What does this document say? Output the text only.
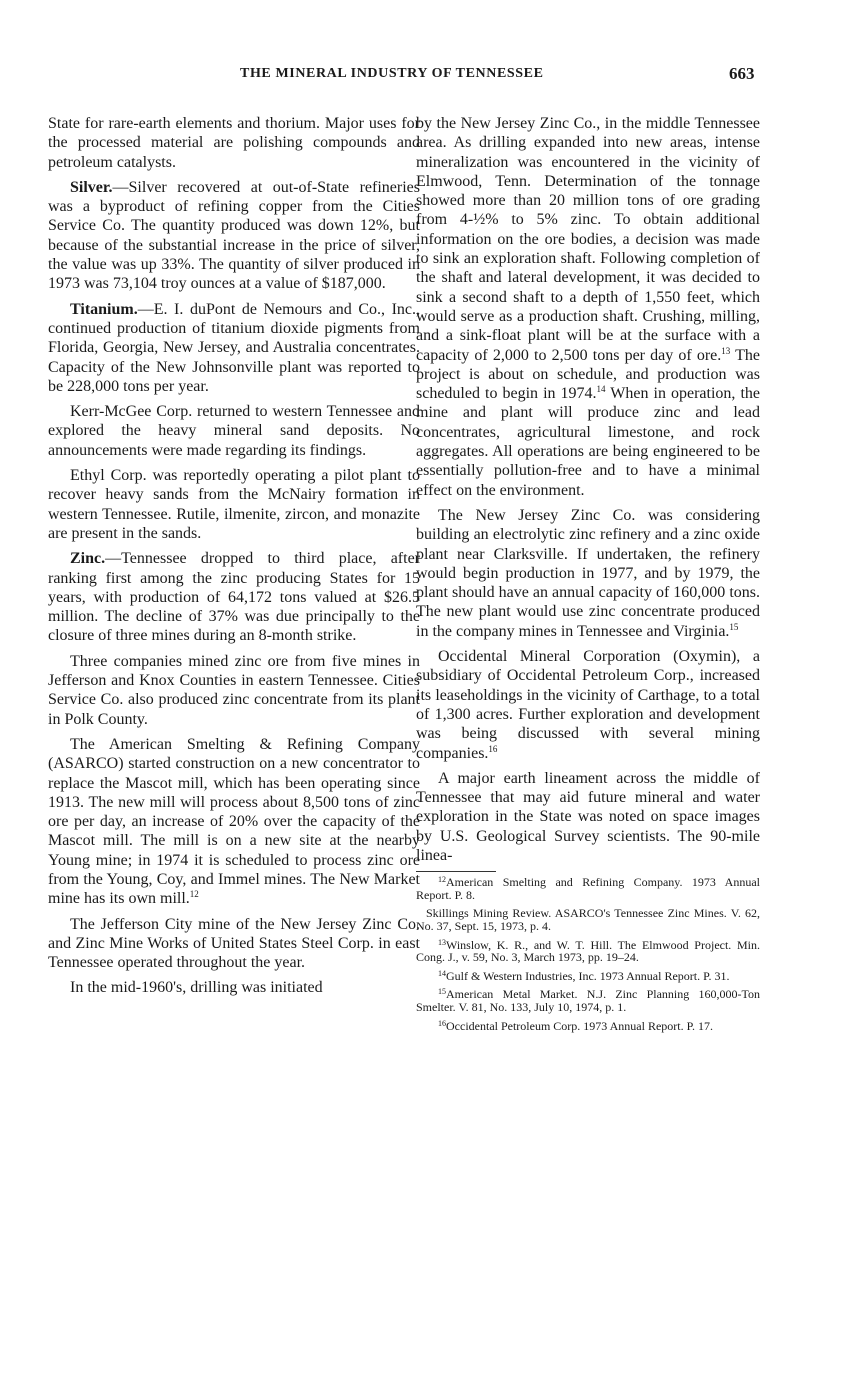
THE MINERAL INDUSTRY OF TENNESSEE	663

State for rare-earth elements and thorium. Major uses for the processed material are polishing compounds and petroleum catalysts.

Silver.—Silver recovered at out-of-State refineries was a byproduct of refining copper from the Cities Service Co. The quantity produced was down 12%, but because of the substantial increase in the price of silver, the value was up 33%. The quantity of silver produced in 1973 was 73,104 troy ounces at a value of $187,000.

Titanium.—E. I. duPont de Nemours and Co., Inc., continued production of titanium dioxide pigments from Florida, Georgia, New Jersey, and Australia concentrates. Capacity of the New Johnsonville plant was reported to be 228,000 tons per year.

Kerr-McGee Corp. returned to western Tennessee and explored the heavy mineral sand deposits. No announcements were made regarding its findings.

Ethyl Corp. was reportedly operating a pilot plant to recover heavy sands from the McNairy formation in western Tennessee. Rutile, ilmenite, zircon, and monazite are present in the sands.

Zinc.—Tennessee dropped to third place, after ranking first among the zinc producing States for 15 years, with production of 64,172 tons valued at $26.5 million. The decline of 37% was due principally to the closure of three mines during an 8-month strike.

Three companies mined zinc ore from five mines in Jefferson and Knox Counties in eastern Tennessee. Cities Service Co. also produced zinc concentrate from its plant in Polk County.

The American Smelting & Refining Company (ASARCO) started construction on a new concentrator to replace the Mascot mill, which has been operating since 1913. The new mill will process about 8,500 tons of zinc ore per day, an increase of 20% over the capacity of the Mascot mill. The mill is on a new site at the nearby Young mine; in 1974 it is scheduled to process zinc ore from the Young, Coy, and Immel mines. The New Market mine has its own mill.$^{12}$

The Jefferson City mine of the New Jersey Zinc Co. and Zinc Mine Works of United States Steel Corp. in east Tennessee operated throughout the year.

In the mid-1960's, drilling was initiated

by the New Jersey Zinc Co., in the middle Tennessee area. As drilling expanded into new areas, intense mineralization was encountered in the vicinity of Elmwood, Tenn. Determination of the tonnage showed more than 20 million tons of ore grading from 4-½% to 5% zinc. To obtain additional information on the ore bodies, a decision was made to sink an exploration shaft. Following completion of the shaft and lateral development, it was decided to sink a second shaft to a depth of 1,550 feet, which would serve as a production shaft. Crushing, milling, and a sink-float plant will be at the surface with a capacity of 2,000 to 2,500 tons per day of ore.$^{13}$ The project is about on schedule, and production was scheduled to begin in 1974.14 When in operation, the mine and plant will produce zinc and lead concentrates, agricultural limestone, and rock aggregates. All operations are being engineered to be essentially pollution-free and to have a minimal effect on the environment.

The New Jersey Zinc Co. was considering building an electrolytic zinc refinery and a zinc oxide plant near Clarksville. If undertaken, the refinery would begin production in 1977, and by 1979, the plant should have an annual capacity of 160,000 tons. The new plant would use zinc concentrate produced in the company mines in Tennessee and Virginia.$^{15}$

Occidental Mineral Corporation (Oxymin), a subsidiary of Occidental Petroleum Corp., increased its leaseholdings in the vicinity of Carthage, to a total of 1,300 acres. Further exploration and development was being discussed with several mining companies.$^{16}$

A major earth lineament across the middle of Tennessee that may aid future mineral and water exploration in the State was noted on space images by U.S. Geological Survey scientists. The 90-mile linea-

$^{12}$American Smelting and Refining Company. 1973 Annual Report. P. 8.

Skillings Mining Review. ASARCO's Tennessee Zinc Mines. V. 62, No. 37, Sept. 15, 1973, p. 4.

$^{13}$Winslow, K. R., and W. T. Hill. The Elmwood Project. Min. Cong. J., v. 59, No. 3, March 1973, pp. 19–24.

$^{14}$Gulf & Western Industries, Inc. 1973 Annual Report. P. 31.

$^{15}$American Metal Market. N.J. Zinc Planning 160,000-Ton Smelter. V. 81, No. 133, July 10, 1974, p. 1.

$^{16}$Occidental Petroleum Corp. 1973 Annual Report. P. 17.
